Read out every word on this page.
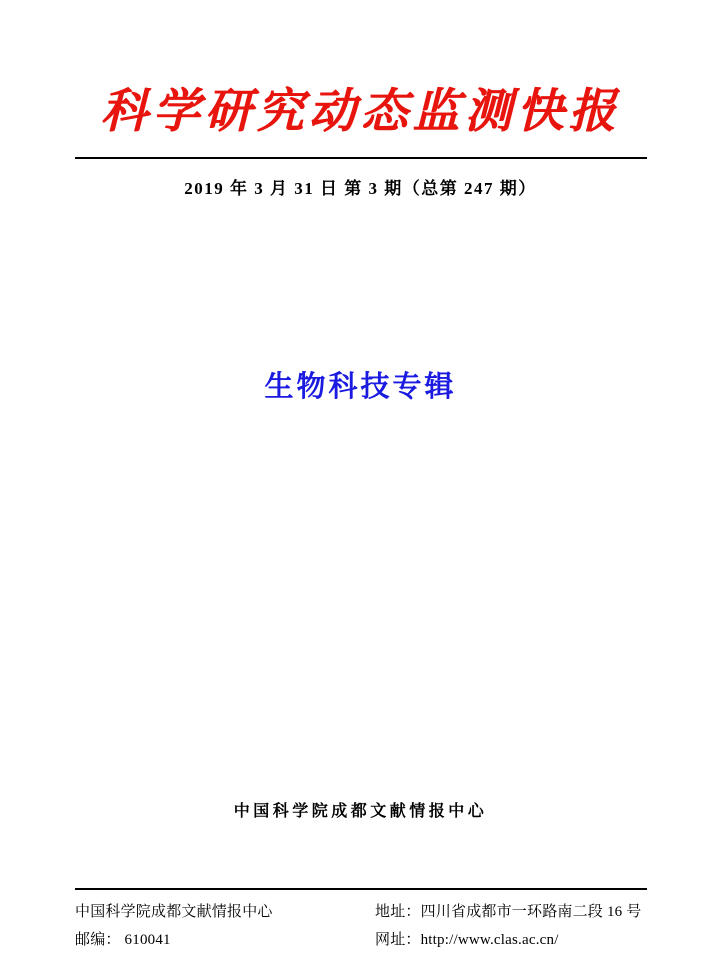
科学研究动态监测快报
2019 年 3 月 31 日 第 3 期（总第 247 期）
生物科技专辑
中国科学院成都文献情报中心
中国科学院成都文献情报中心	地址：四川省成都市一环路南二段 16 号
邮编： 610041	网址：http://www.clas.ac.cn/
